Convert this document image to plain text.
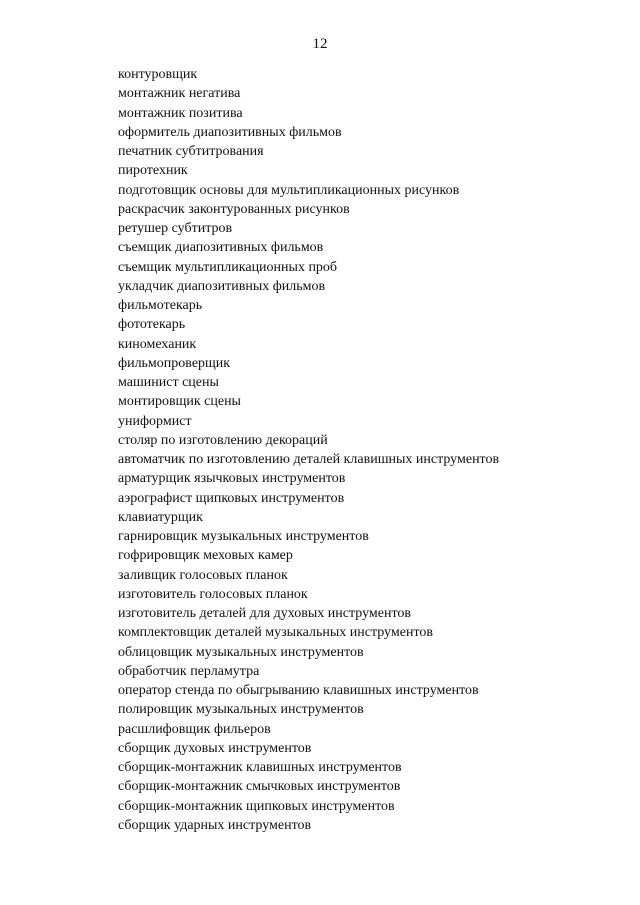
12
контуровщик
монтажник негатива
монтажник позитива
оформитель диапозитивных фильмов
печатник субтитрования
пиротехник
подготовщик основы для мультипликационных рисунков
раскрасчик законтурованных рисунков
ретушер субтитров
съемщик диапозитивных фильмов
съемщик мультипликационных проб
укладчик диапозитивных фильмов
фильмотекарь
фототекарь
киномеханик
фильмопроверщик
машинист сцены
монтировщик сцены
униформист
столяр по изготовлению декораций
автоматчик по изготовлению деталей клавишных инструментов
арматурщик язычковых инструментов
аэрографист щипковых инструментов
клавиатурщик
гарнировщик музыкальных инструментов
гофрировщик меховых камер
заливщик голосовых планок
изготовитель голосовых планок
изготовитель деталей для духовых инструментов
комплектовщик деталей музыкальных инструментов
облицовщик музыкальных инструментов
обработчик перламутра
оператор стенда по обыгрыванию клавишных инструментов
полировщик музыкальных инструментов
расшлифовщик фильеров
сборщик духовых инструментов
сборщик-монтажник клавишных инструментов
сборщик-монтажник смычковых инструментов
сборщик-монтажник щипковых инструментов
сборщик ударных инструментов
